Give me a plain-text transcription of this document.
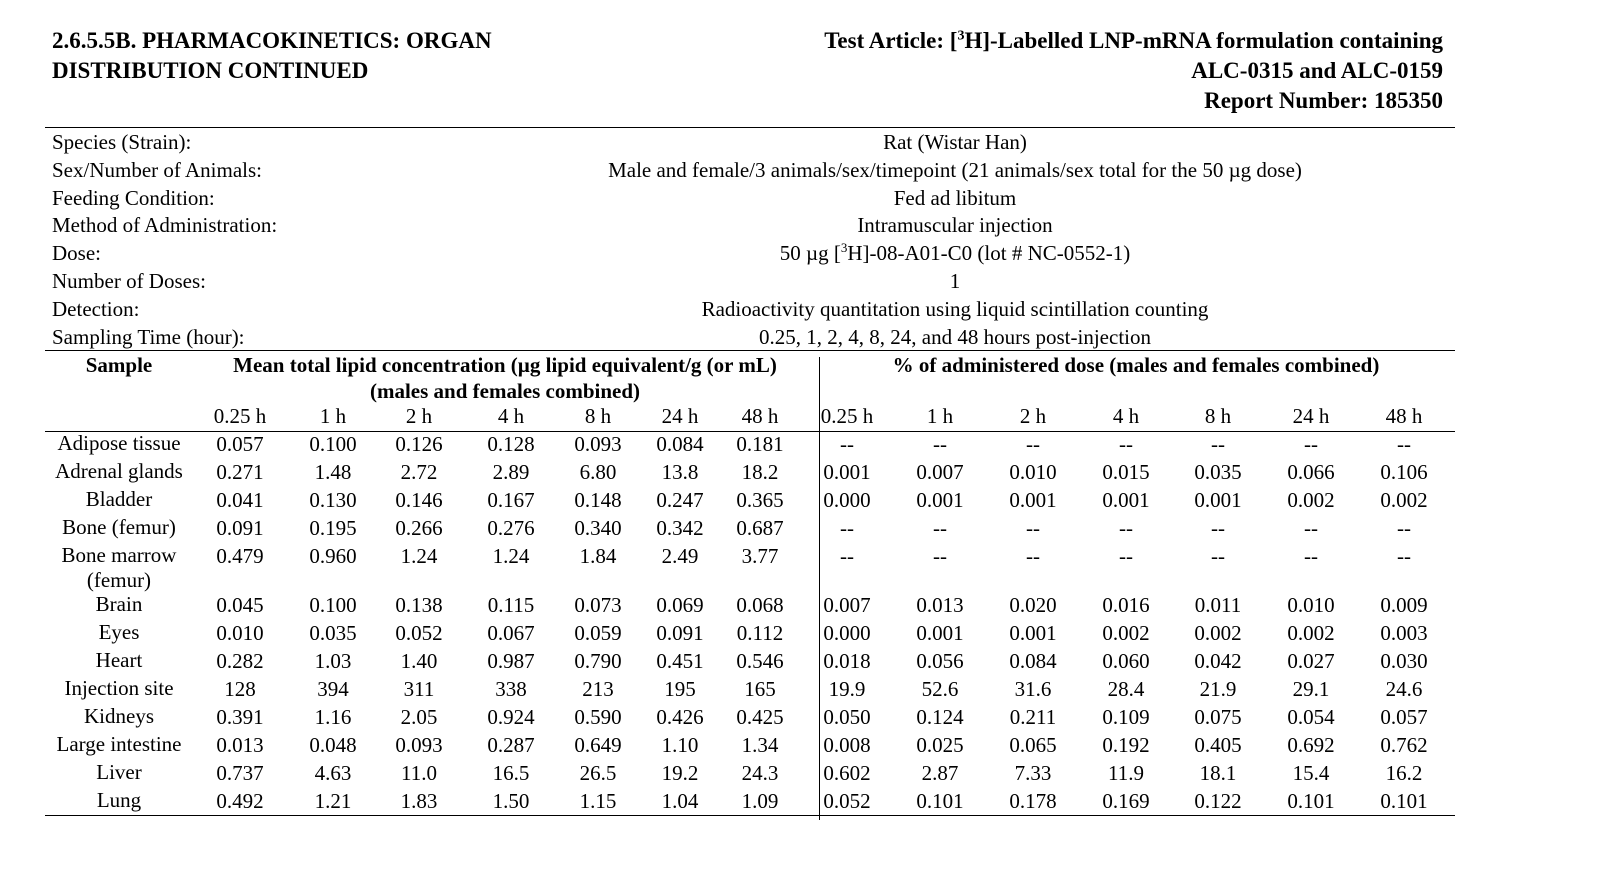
2.6.5.5B. PHARMACOKINETICS: ORGAN
DISTRIBUTION CONTINUED
Test Article: [$^3$H]-Labelled LNP-mRNA formulation containing
ALC-0315 and ALC-0159
Report Number: 185350
Species (Strain):	Rat (Wistar Han)
Sex/Number of Animals:	Male and female/3 animals/sex/timepoint (21 animals/sex total for the 50 µg dose)
Feeding Condition:	Fed ad libitum
Method of Administration:	Intramuscular injection
Dose:	50 µg [$^3$H]-08-A01-C0 (lot # NC-0552-1)
Number of Doses:	1
Detection:	Radioactivity quantitation using liquid scintillation counting
Sampling Time (hour):	0.25, 1, 2, 4, 8, 24, and 48 hours post-injection
Sample	Mean total lipid concentration (µg lipid equivalent/g (or mL)
(males and females combined)
% of administered dose (males and females combined)
0.25 h	1 h	2 h	4 h	8 h	24 h	48 h	0.25 h	1 h	2 h	4 h	8 h	24 h	48 h
Adipose tissue	0.057	0.100	0.126	0.128	0.093	0.084	0.181	--	--	--	--	--	--	--
Adrenal glands	0.271	1.48	2.72	2.89	6.80	13.8	18.2	0.001	0.007	0.010	0.015	0.035	0.066	0.106
Bladder	0.041	0.130	0.146	0.167	0.148	0.247	0.365	0.000	0.001	0.001	0.001	0.001	0.002	0.002
Bone (femur)	0.091	0.195	0.266	0.276	0.340	0.342	0.687	--	--	--	--	--	--	--
Bone marrow
(femur)
0.479	0.960	1.24	1.24	1.84	2.49	3.77	--	--	--	--	--	--	--
Brain	0.045	0.100	0.138	0.115	0.073	0.069	0.068	0.007	0.013	0.020	0.016	0.011	0.010	0.009
Eyes	0.010	0.035	0.052	0.067	0.059	0.091	0.112	0.000	0.001	0.001	0.002	0.002	0.002	0.003
Heart	0.282	1.03	1.40	0.987	0.790	0.451	0.546	0.018	0.056	0.084	0.060	0.042	0.027	0.030
Injection site	128	394	311	338	213	195	165	19.9	52.6	31.6	28.4	21.9	29.1	24.6
Kidneys	0.391	1.16	2.05	0.924	0.590	0.426	0.425	0.050	0.124	0.211	0.109	0.075	0.054	0.057
Large intestine	0.013	0.048	0.093	0.287	0.649	1.10	1.34	0.008	0.025	0.065	0.192	0.405	0.692	0.762
Liver	0.737	4.63	11.0	16.5	26.5	19.2	24.3	0.602	2.87	7.33	11.9	18.1	15.4	16.2
Lung	0.492	1.21	1.83	1.50	1.15	1.04	1.09	0.052	0.101	0.178	0.169	0.122	0.101	0.101
